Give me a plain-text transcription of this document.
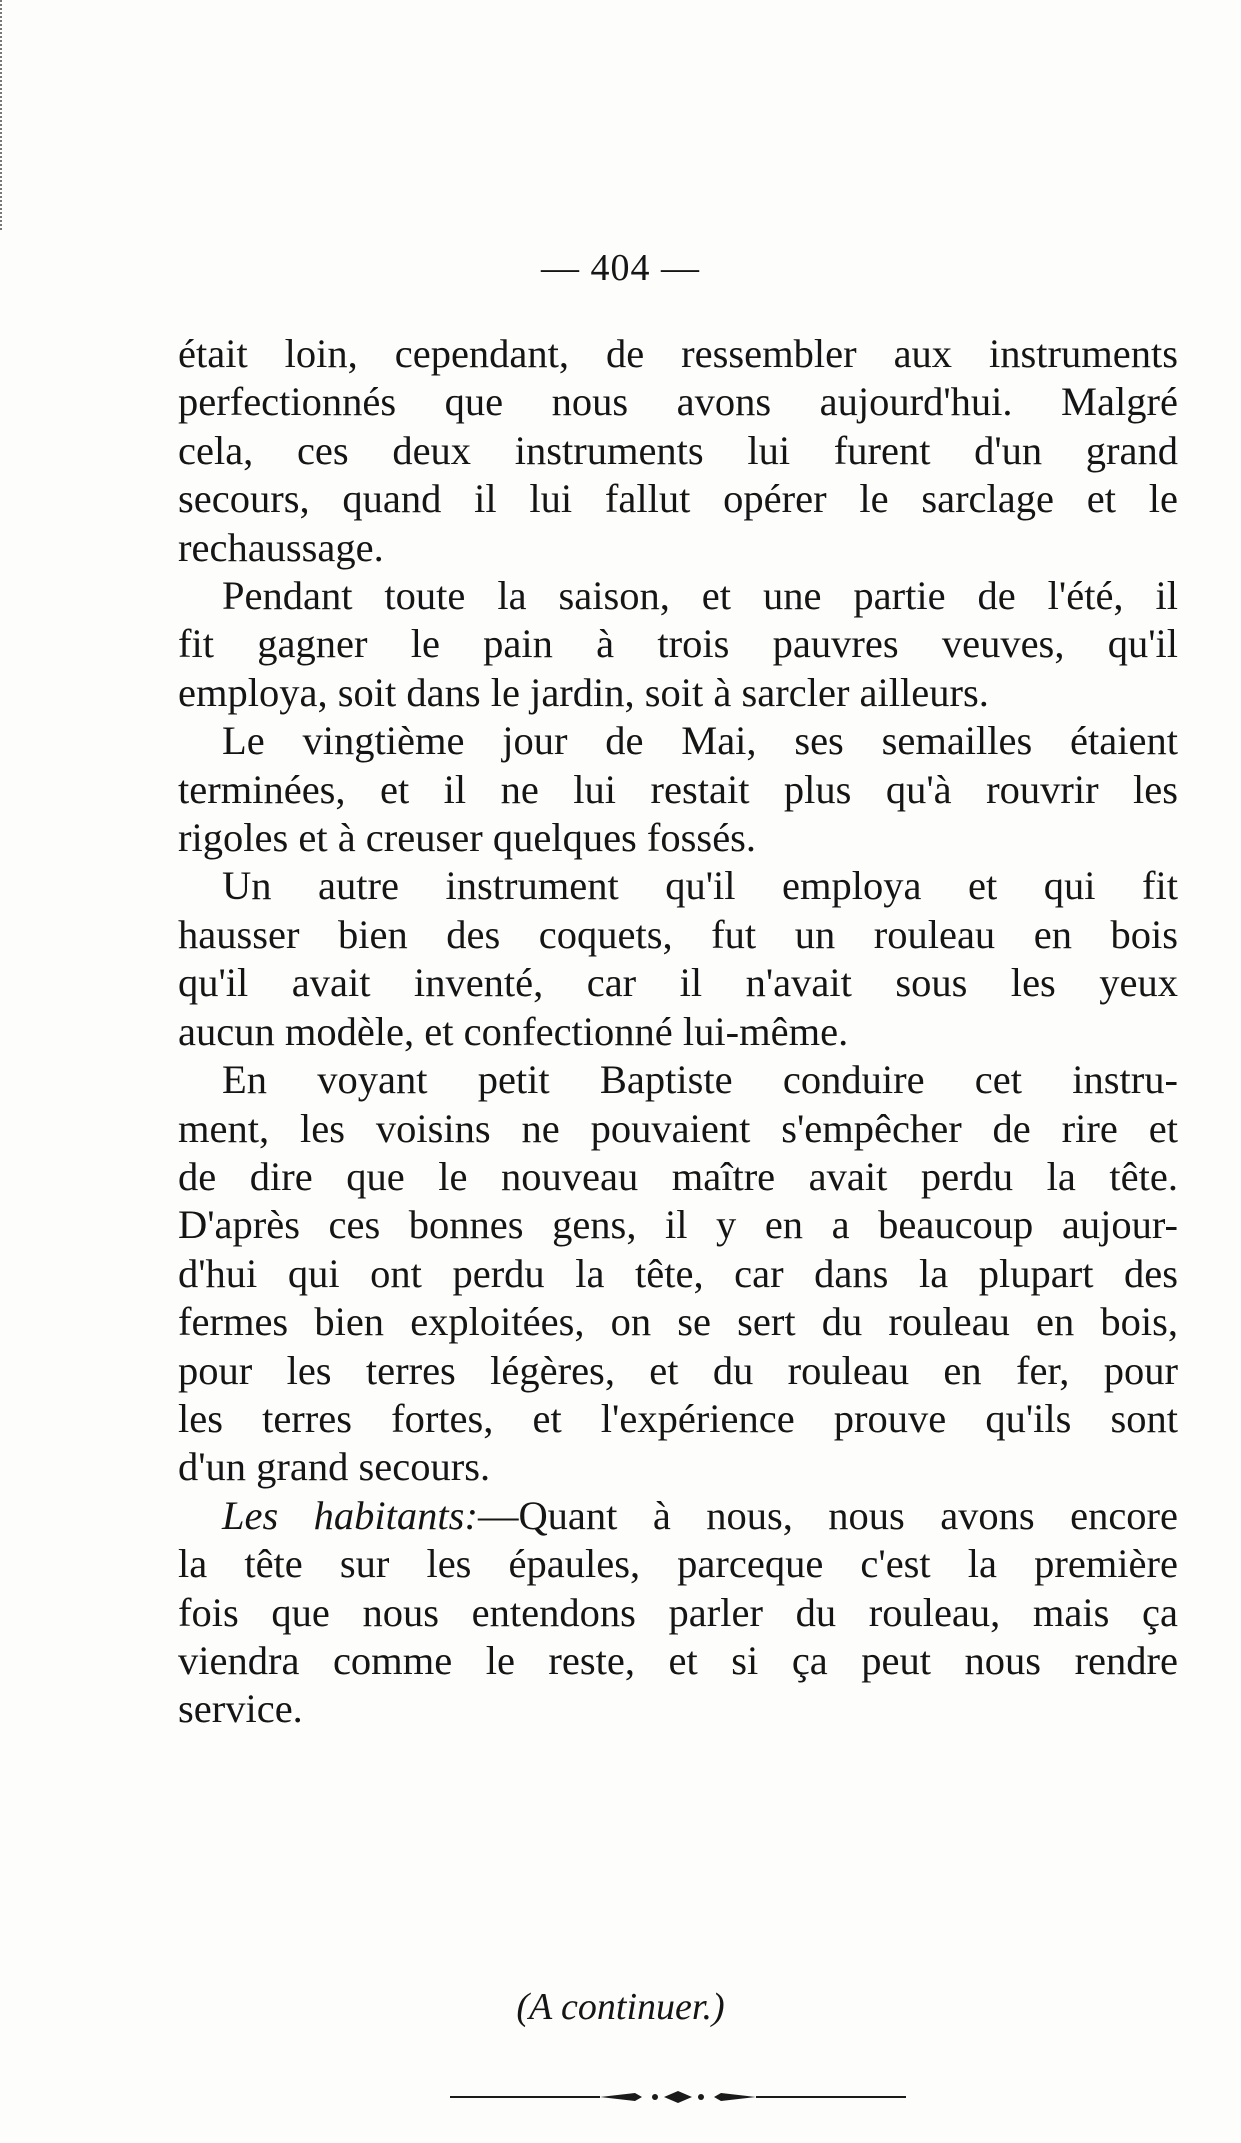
— 404 —

était loin, cependant, de ressembler aux instruments
perfectionnés que nous avons aujourd'hui. Malgré
cela, ces deux instruments lui furent d'un grand
secours, quand il lui fallut opérer le sarclage et le
rechaussage.

Pendant toute la saison, et une partie de l'été, il
fit gagner le pain à trois pauvres veuves, qu'il
employa, soit dans le jardin, soit à sarcler ailleurs.

Le vingtième jour de Mai, ses semailles étaient
terminées, et il ne lui restait plus qu'à rouvrir les
rigoles et à creuser quelques fossés.

Un autre instrument qu'il employa et qui fit
hausser bien des coquets, fut un rouleau en bois
qu'il avait inventé, car il n'avait sous les yeux
aucun modèle, et confectionné lui-même.

En voyant petit Baptiste conduire cet instru-
ment, les voisins ne pouvaient s'empêcher de rire et
de dire que le nouveau maître avait perdu la tête.
D'après ces bonnes gens, il y en a beaucoup aujour-
d'hui qui ont perdu la tête, car dans la plupart des
fermes bien exploitées, on se sert du rouleau en bois,
pour les terres légères, et du rouleau en fer, pour
les terres fortes, et l'expérience prouve qu'ils sont
d'un grand secours.

Les habitants:—Quant à nous, nous avons encore
la tête sur les épaules, parceque c'est la première
fois que nous entendons parler du rouleau, mais ça
viendra comme le reste, et si ça peut nous rendre
service.

(A continuer.)
